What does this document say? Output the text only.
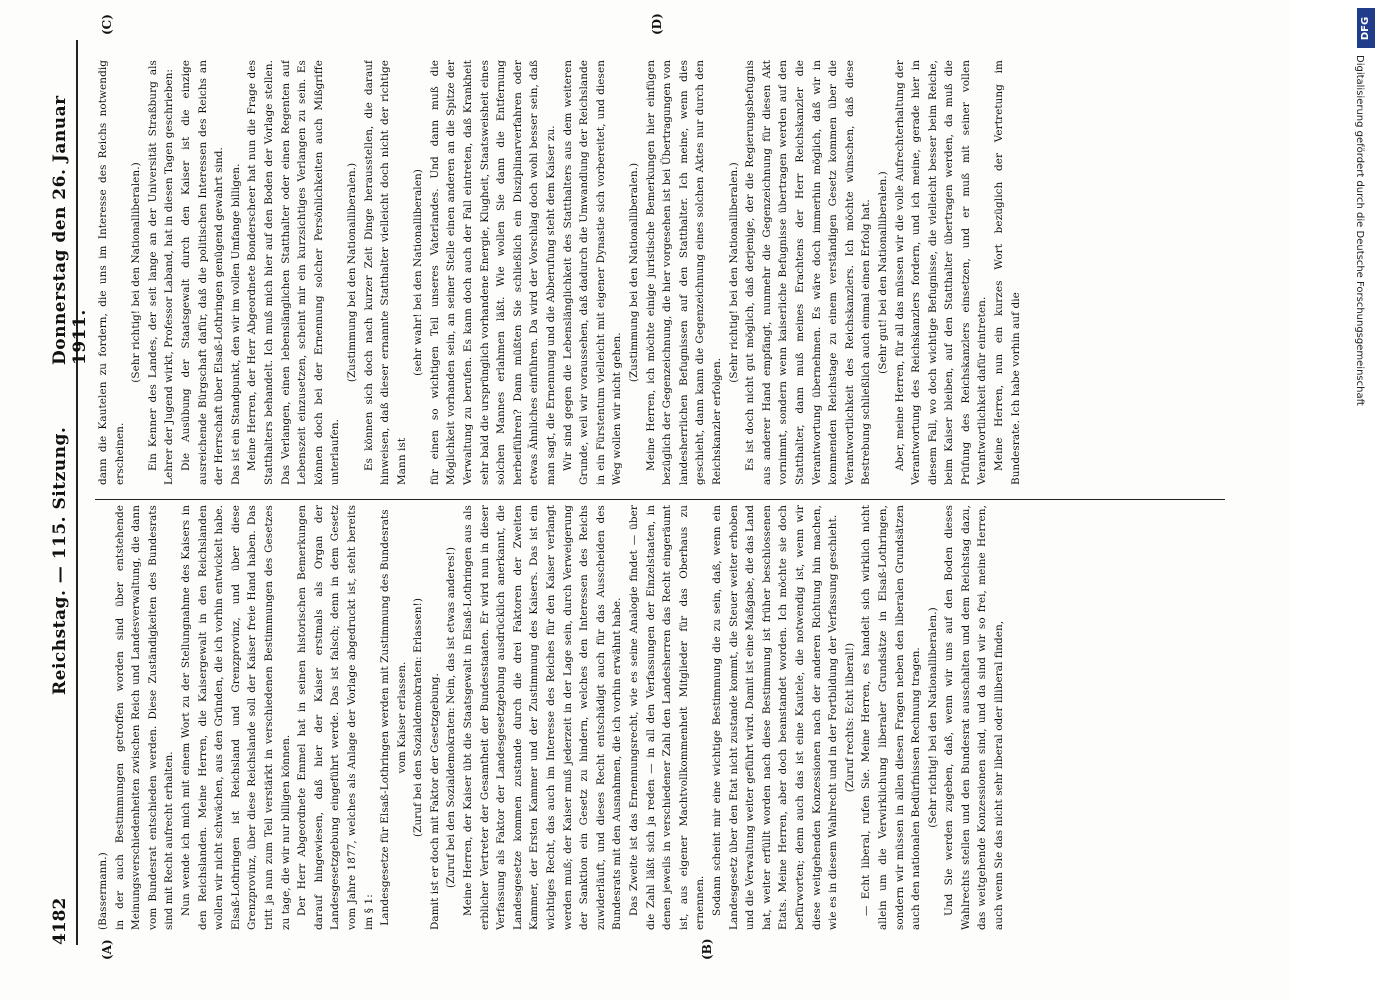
4182
Reichstag. — 115. Sitzung.
Donnerstag den 26. Januar 1911.
(A)	(B)
(C)	(D)

(Bassermann.) in der auch Bestimmungen getroffen worden sind über entstehende Meinungsverschiedenheiten zwischen Reich und Landesverwaltung, die dann vom Bundesrat entschieden werden. Diese Zuständigkeiten des Bundesrats sind mit Recht aufrecht erhalten. Nun wende ich mich mit einem Wort zu der Stellungnahme des Kaisers in den Reichslanden. Meine Herren, die Kaisergewalt in den Reichslanden wollen wir nicht schwächen, aus den Gründen, die ich vorhin entwickelt habe. Elsaß-Lothringen ist Reichsland und Grenzprovinz, und über diese Grenzprovinz, über diese Reichslande soll der Kaiser freie Hand haben. Das tritt ja nun zum Teil verstärkt in verschiedenen Bestimmungen des Gesetzes zu tage, die wir nur billigen können. Der Herr Abgeordnete Emmel hat in seinen historischen Bemerkungen darauf hingewiesen, daß hier der Kaiser erstmals als Organ der Landesgesetzgebung eingeführt werde. Das ist falsch; denn in dem Gesetz vom Jahre 1877, welches als Anlage der Vorlage abgedruckt ist, steht bereits im § 1: Landesgesetze für Elsaß-Lothringen werden mit Zustimmung des Bundesrats vom Kaiser erlassen. (Zuruf bei den Sozialdemokraten: Erlassen!) Damit ist er doch mit Faktor der Gesetzgebung. (Zuruf bei den Sozialdemokraten: Nein, das ist etwas anderes!) Meine Herren, der Kaiser übt die Staatsgewalt in Elsaß-Lothringen aus als erblicher Vertreter der Gesamtheit der Bundesstaaten. Er wird nun in dieser Verfassung als Faktor der Landesgesetzgebung ausdrücklich anerkannt, die Landesgesetze kommen zustande durch die drei Faktoren der Zweiten Kammer, der Ersten Kammer und der Zustimmung des Kaisers. Das ist ein wichtiges Recht, das auch im Interesse des Reiches für den Kaiser verlangt werden muß; der Kaiser muß jederzeit in der Lage sein, durch Verweigerung der Sanktion ein Gesetz zu hindern, welches den Interessen des Reichs zuwiderläuft, und dieses Recht entschädigt auch für das Ausscheiden des Bundesrats mit den Ausnahmen, die ich vorhin erwähnt habe. Das Zweite ist das Ernennungsrecht, wie es seine Analogie findet — über die Zahl läßt sich ja reden — in all den Verfassungen der Einzelstaaten, in denen jeweils in verschiedener Zahl den Landesherren das Recht eingeräumt ist, aus eigener Machtvollkommenheit Mitglieder für das Oberhaus zu ernennen. Sodann scheint mir eine wichtige Bestimmung die zu sein, daß, wenn ein Landesgesetz über den Etat nicht zustande kommt, die Steuer weiter erhoben und die Verwaltung weiter geführt wird. Damit ist eine Maßgabe, die das Land hat, weiter erfüllt worden nach diese Bestimmung ist früher beschlossenen Etats. Meine Herren, aber doch beanstandet worden. Ich möchte sie doch befürworten; denn auch das ist eine Kautele, die notwendig ist, wenn wir diese weitgehenden Konzessionen nach der anderen Richtung hin machen, wie es in diesem Wahlrecht und in der Fortbildung der Verfassung geschieht. (Zuruf rechts: Echt liberal!) — Echt liberal, rufen Sie. Meine Herren, es handelt sich wirklich nicht allein um die Verwirklichung liberaler Grundsätze in Elsaß-Lothringen, sondern wir müssen in allen diesen Fragen neben den liberalen Grundsätzen auch den nationalen Bedürfnissen Rechnung tragen. (Sehr richtig! bei den Nationalliberalen.) Und Sie werden zugeben, daß, wenn wir uns auf den Boden dieses Wahlrechts stellen und den Bundesrat ausschalten und dem Reichstag dazu, das weitgehende Konzessionen sind, und da sind wir so frei, meine Herren, auch wenn Sie das nicht sehr liberal oder illiberal finden,

dann die Kautelen zu fordern, die uns im Interesse des Reichs notwendig erscheinen.

(Sehr richtig! bei den Nationalliberalen.) Ein Kenner des Landes, der seit lange an der Universität Straßburg als Lehrer der Jugend wirkt, Professor Laband, hat in diesen Tagen geschrieben: Die Ausübung der Staatsgewalt durch den Kaiser ist die einzige ausreichende Bürgschaft dafür, daß die politischen Interessen des Reichs an der Herrschaft über Elsaß-Lothringen genügend gewahrt sind. Das ist ein Standpunkt, den wir im vollen Umfange billigen. Meine Herren, der Herr Abgeordnete Bonderscheer hat nun die Frage des Statthalters behandelt. Ich muß mich hier auf den Boden der Vorlage stellen. Das Verlangen, einen lebenslänglichen Statthalter oder einen Regenten auf Lebenszeit einzusetzen, scheint mir ein kurzsichtiges Verlangen zu sein. Es können doch bei der Ernennung solcher Persönlichkeiten auch Mißgriffe unterlaufen.

(Zustimmung bei den Nationalliberalen.) Es können sich doch nach kurzer Zeit Dinge herausstellen, die darauf hinweisen, daß dieser ernannte Statthalter vielleicht doch nicht der richtige Mann ist

(sehr wahr! bei den Nationalliberalen) für einen so wichtigen Teil unseres Vaterlandes. Und dann muß die Möglichkeit vorhanden sein, an seiner Stelle einen anderen an die Spitze der Verwaltung zu berufen. Es kann doch auch der Fall eintreten, daß Krankheit sehr bald die ursprünglich vorhandene Energie, Klugheit, Staatsweisheit eines solchen Mannes erlahmen läßt. Wie wollen Sie dann die Entfernung herbeiführen? Dann müßten Sie schließlich ein Disziplinarverfahren oder etwas Ähnliches einführen. Da wird der Vorschlag doch wohl besser sein, daß man sagt, die Ernennung und die Abberufung steht dem Kaiser zu. Wir sind gegen die Lebenslänglichkeit des Statthalters aus dem weiteren Grunde, weil wir voraussehen, daß dadurch die Umwandlung der Reichslande in ein Fürstentum vielleicht mit eigener Dynastie sich vorbereitet, und diesen Weg wollen wir nicht gehen.

(Zustimmung bei den Nationalliberalen.) Meine Herren, ich möchte einige juristische Bemerkungen hier einfügen bezüglich der Gegenzeichnung, die hier vorgesehen ist bei Übertragungen von landesherrlichen Befugnissen auf den Statthalter. Ich meine, wenn dies geschieht, dann kann die Gegenzeichnung eines solchen Aktes nur durch den Reichskanzler erfolgen.

(Sehr richtig! bei den Nationalliberalen.) Es ist doch nicht gut möglich, daß derjenige, der die Regierungsbefugnis aus anderer Hand empfängt, nunmehr die Gegenzeichnung für diesen Akt vornimmt, sondern wenn kaiserliche Befugnisse übertragen werden auf den Statthalter, dann muß meines Erachtens der Herr Reichskanzler die Verantwortung übernehmen. Es wäre doch immerhin möglich, daß wir in kommenden Reichstage zu einem verständigen Gesetz kommen über die Verantwortlichkeit des Reichskanzlers. Ich möchte wünschen, daß diese Bestrebung schließlich auch einmal einen Erfolg hat. (Sehr gut! bei den Nationalliberalen.) Aber, meine Herren, für all das müssen wir die volle Aufrechterhaltung der Verantwortung des Reichskanzlers fordern, und ich meine, gerade hier in diesem Fall, wo doch wichtige Befugnisse, die vielleicht besser beim Reiche, beim Kaiser bleiben, auf den Statthalter übertragen werden, da muß die Prüfung des Reichskanzlers einsetzen, und er muß mit seiner vollen Verantwortlichkeit dafür eintreten. Meine Herren, nun ein kurzes Wort bezüglich der Vertretung im Bundesrate. Ich habe vorhin auf die

DFG
Digitalisierung gefördert durch die Deutsche Forschungsgemeinschaft
